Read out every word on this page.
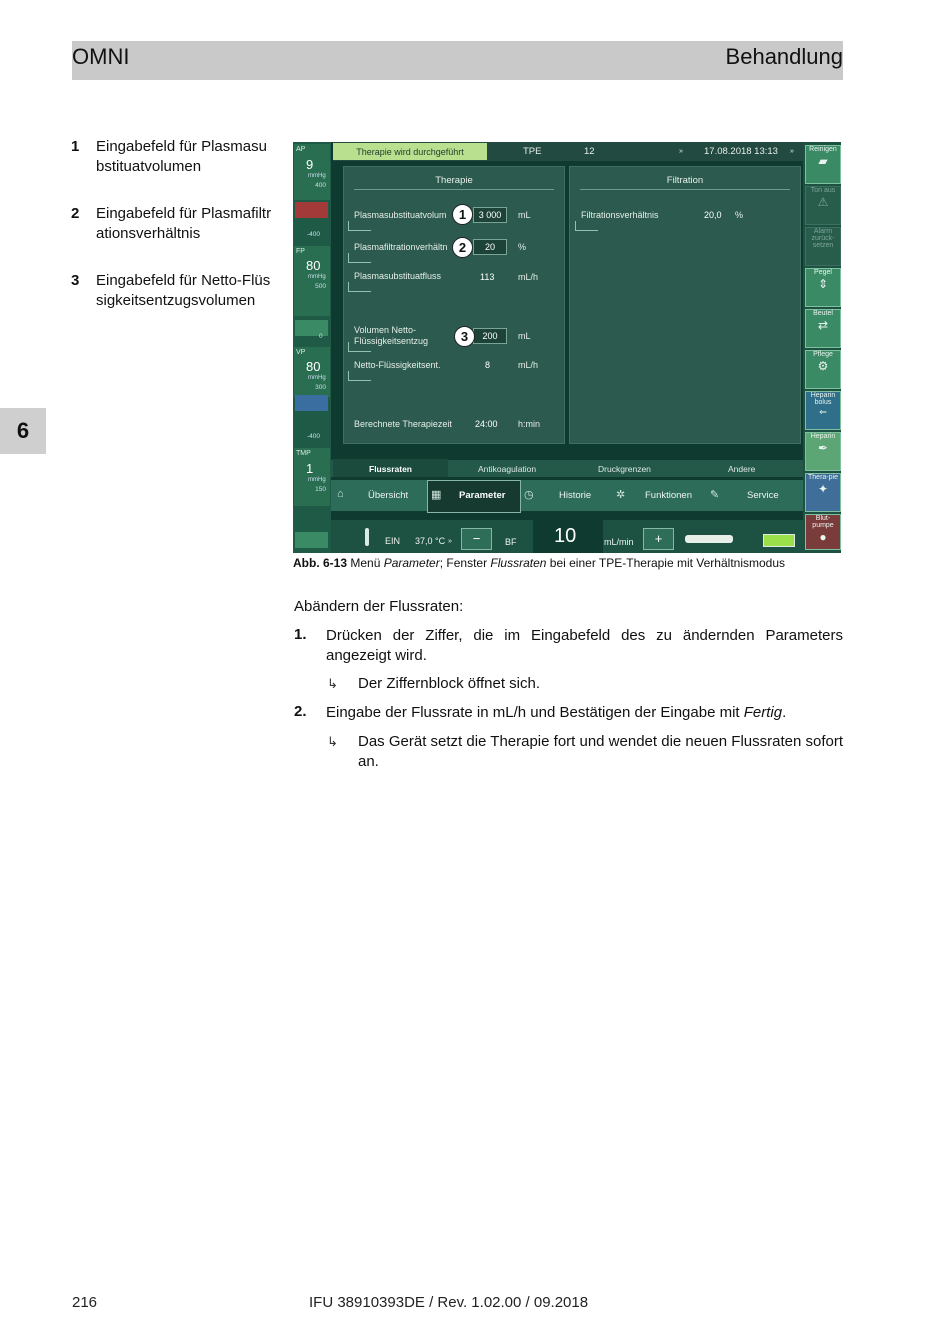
OMNI	Behandlung
6
1 Eingabefeld für Plasmasubstituatvolumen
2 Eingabefeld für Plasmafiltrationsverhältnis
3 Eingabefeld für Netto-Flüssigkeitsentzugsvolumen
AP
9
mmHg
400
-400
FP
80
mmHg
500
0
VP
80
mmHg
300
-400
TMP
1
mmHg
150
Therapie wird durchgeführt	TPE	12	» 17.08.2018 13:13 »
Therapie
Plasmasubstituatvolum	3 000	mL
1
Plasmafiltrationverhältn	20	%
2
Plasmasubstituatfluss	113	mL/h
Volumen Netto-
Flüssigkeitsentzug	200	mL
3
Netto-Flüssigkeitsent.	8	mL/h
Berechnete Therapiezeit	24:00 h:min
Filtration
Filtrationsverhältnis	20,0 %
Flussraten	Antikoagulation	Druckgrenzen	Andere
⌂	Übersicht ▦ Parameter ◷	Historie ✲ Funktionen ✎	Service
EIN 37,0 °C »	−	BF 10	mL/min	+
Reinigen
▰
Ton aus
⚠
Alarm zurück-setzen
Pegel
⇕
Beutel
⇄
Pflege
⚙
Heparin bolus
⇐
Heparin
✒
Thera-pie
✦
Blut-pumpe
●
Abb. 6-13 Menü Parameter; Fenster Flussraten bei einer TPE-Therapie mit Verhältnismodus
Abändern der Flussraten:
1. Drücken der Ziffer, die im Eingabefeld des zu ändernden Parameters angezeigt wird.
↳ Der Ziffernblock öffnet sich.
2. Eingabe der Flussrate in mL/h und Bestätigen der Eingabe mit Fertig.
↳ Das Gerät setzt die Therapie fort und wendet die neuen Flussraten sofort an.
216	IFU 38910393DE / Rev. 1.02.00 / 09.2018
